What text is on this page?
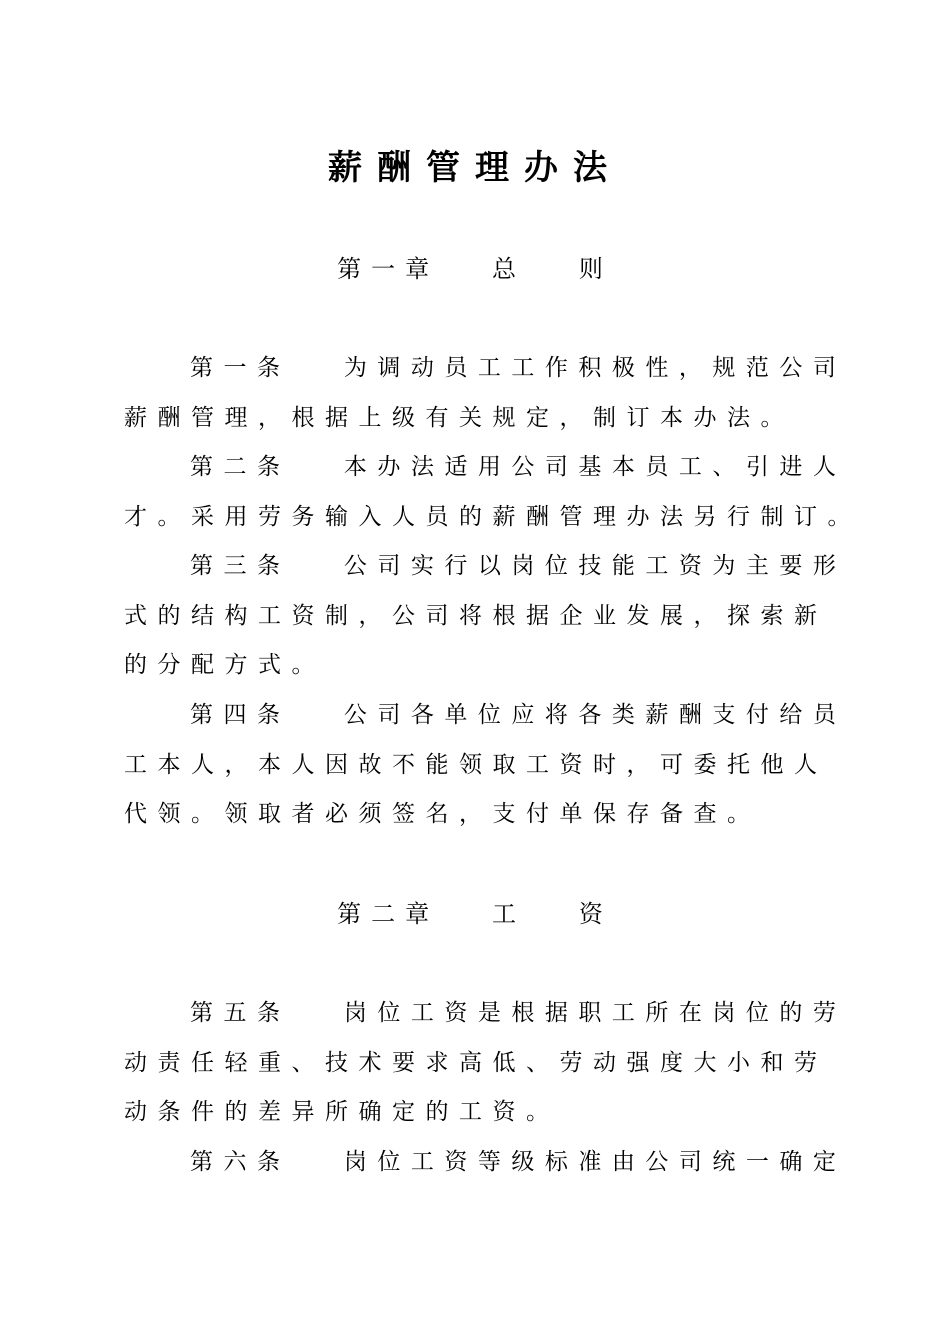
薪酬管理办法
第一章   总   则
第一条   为调动员工工作积极性，规范公司
薪酬管理，根据上级有关规定，制订本办法。
第二条   本办法适用公司基本员工、引进人
才。采用劳务输入人员的薪酬管理办法另行制订。
第三条   公司实行以岗位技能工资为主要形
式的结构工资制，公司将根据企业发展，探索新
的分配方式。
第四条   公司各单位应将各类薪酬支付给员
工本人，本人因故不能领取工资时，可委托他人
代领。领取者必须签名，支付单保存备查。
第二章   工   资
第五条   岗位工资是根据职工所在岗位的劳
动责任轻重、技术要求高低、劳动强度大小和劳
动条件的差异所确定的工资。
第六条   岗位工资等级标准由公司统一确定
